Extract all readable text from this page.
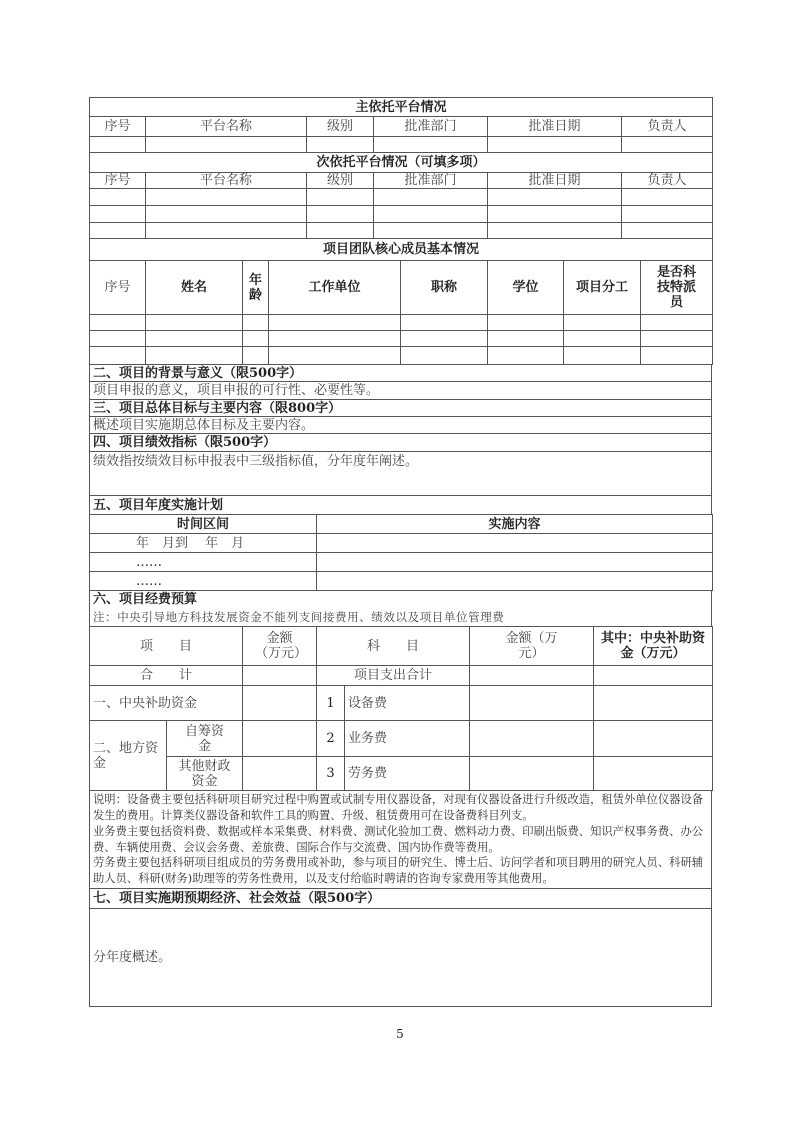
主依托平台情况					
序号	平台名称	级别	批准部门	批准日期	负责人

次依托平台情况（可填多项）					
序号	平台名称	级别	批准部门	批准日期	负责人

项目团队核心成员基本情况							
序号	姓名	年龄	工作单位	职称	学位	项目分工	是否科技特派员

二、项目的背景与意义（限500字）
项目申报的意义，项目申报的可行性、必要性等。
三、项目总体目标与主要内容（限800字）
概述项目实施期总体目标及主要内容。
四、项目绩效指标（限500字）
绩效指按绩效目标申报表中三级指标值，分年度年阐述。
五、项目年度实施计划
时间区间	实施内容
年　月到　 年　月	
……	
……	
六、项目经费预算
注：中央引导地方科技发展资金不能列支间接费用、绩效以及项目单位管理费
项　　目		金额（万元）	科　　目		金额（万元）	其中：中央补助资金（万元）
合　　计			项目支出合计			
一、中央补助资金			1	设备费		
二、地方资金	自筹资金		2	业务费		
	其他财政资金		3	劳务费		
说明：设备费主要包括科研项目研究过程中购置或试制专用仪器设备，对现有仪器设备进行升级改造，租赁外单位仪器设备发生的费用。计算类仪器设备和软件工具的购置、升级、租赁费用可在设备费科目列支。
业务费主要包括资料费、数据或样本采集费、材料费、测试化验加工费、燃料动力费、印刷出版费、知识产权事务费、办公费、车辆使用费、会议会务费、差旅费、国际合作与交流费、国内协作费等费用。
劳务费主要包括科研项目组成员的劳务费用或补助，参与项目的研究生、博士后、访问学者和项目聘用的研究人员、科研辅助人员、科研(财务)助理等的劳务性费用，以及支付给临时聘请的咨询专家费用等其他费用。

七、项目实施期预期经济、社会效益（限500字）
分年度概述。
5
